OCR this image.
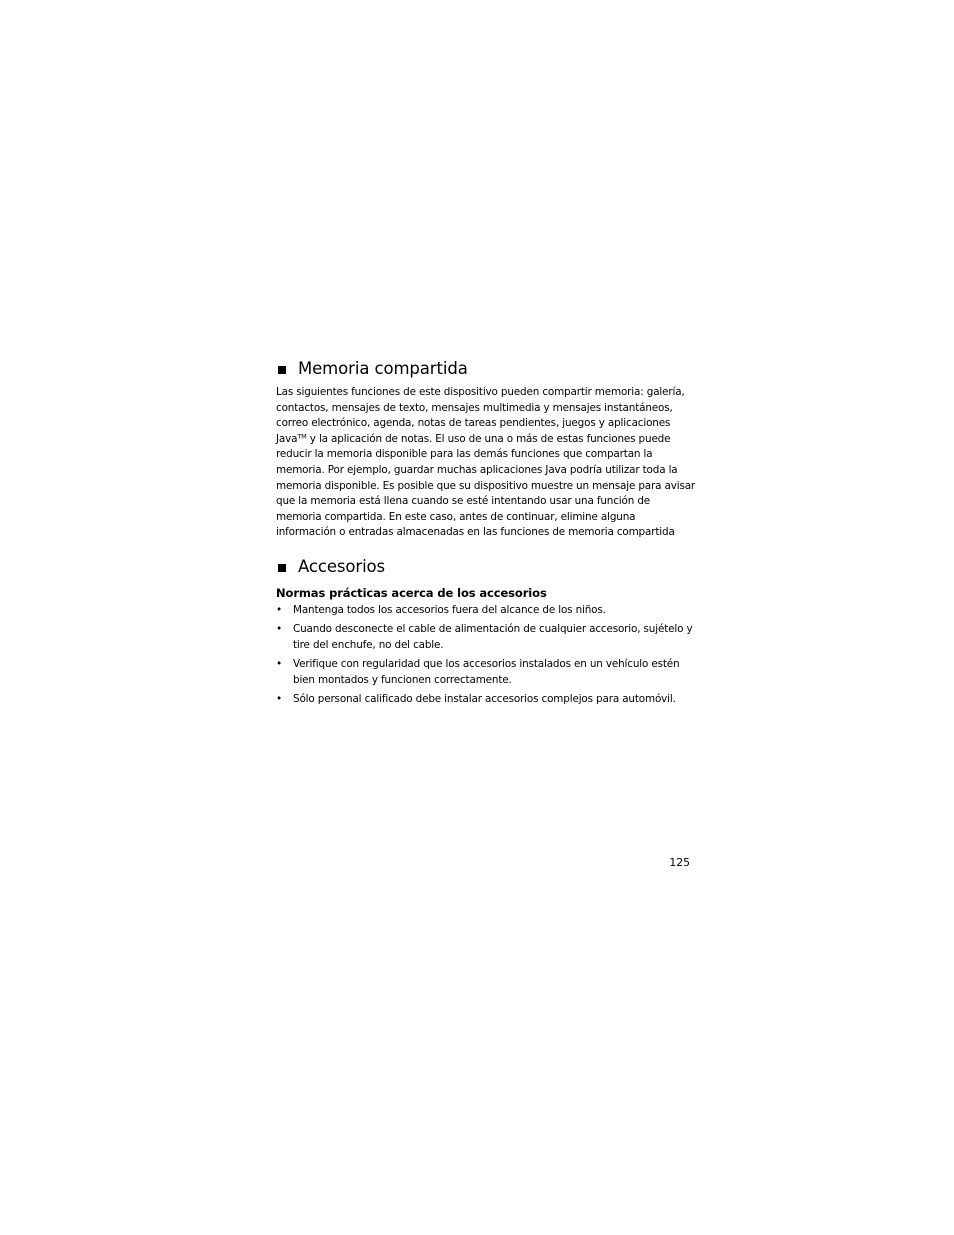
Memoria compartida

Las siguientes funciones de este dispositivo pueden compartir memoria: galería, contactos, mensajes de texto, mensajes multimedia y mensajes instantáneos, correo electrónico, agenda, notas de tareas pendientes, juegos y aplicaciones Java™ y la aplicación de notas. El uso de una o más de estas funciones puede reducir la memoria disponible para las demás funciones que compartan la memoria. Por ejemplo, guardar muchas aplicaciones Java podría utilizar toda la memoria disponible. Es posible que su dispositivo muestre un mensaje para avisar que la memoria está llena cuando se esté intentando usar una función de memoria compartida. En este caso, antes de continuar, elimine alguna información o entradas almacenadas en las funciones de memoria compartida

Accesorios
Normas prácticas acerca de los accesorios
•	Mantenga todos los accesorios fuera del alcance de los niños.
•	Cuando desconecte el cable de alimentación de cualquier accesorio, sujételo y tire del enchufe, no del cable.
•	Verifique con regularidad que los accesorios instalados en un vehículo estén bien montados y funcionen correctamente.
•	Sólo personal calificado debe instalar accesorios complejos para automóvil.
125
